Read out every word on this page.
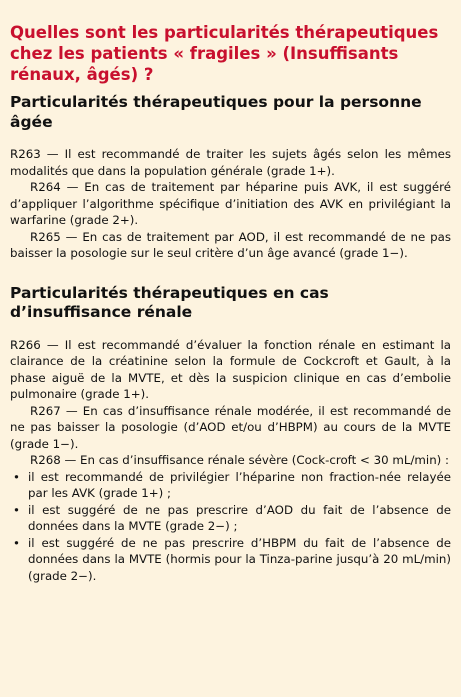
Quelles sont les particularités thérapeutiques chez les patients « fragiles » (Insuffisants rénaux, âgés) ?
Particularités thérapeutiques pour la personne âgée

R263 — Il est recommandé de traiter les sujets âgés selon les mêmes modalités que dans la population générale (grade 1+).

R264 — En cas de traitement par héparine puis AVK, il est suggéré d’appliquer l’algorithme spécifique d’initiation des AVK en privilégiant la warfarine (grade 2+).

R265 — En cas de traitement par AOD, il est recommandé de ne pas baisser la posologie sur le seul critère d’un âge avancé (grade 1−).

Particularités thérapeutiques en cas d’insuffisance rénale

R266 — Il est recommandé d’évaluer la fonction rénale en estimant la clairance de la créatinine selon la formule de Cockcroft et Gault, à la phase aiguë de la MVTE, et dès la suspicion clinique en cas d’embolie pulmonaire (grade 1+).

R267 — En cas d’insuffisance rénale modérée, il est recommandé de ne pas baisser la posologie (d’AOD et/ou d’HBPM) au cours de la MVTE (grade 1−).

R268 — En cas d’insuffisance rénale sévère (Cock-croft < 30 mL/min) :

• il est recommandé de privilégier l’héparine non fraction-née relayée par les AVK (grade 1+) ;
• il est suggéré de ne pas prescrire d’AOD du fait de l’absence de données dans la MVTE (grade 2−) ;
• il est suggéré de ne pas prescrire d’HBPM du fait de l’absence de données dans la MVTE (hormis pour la Tinza-parine jusqu’à 20 mL/min) (grade 2−).
